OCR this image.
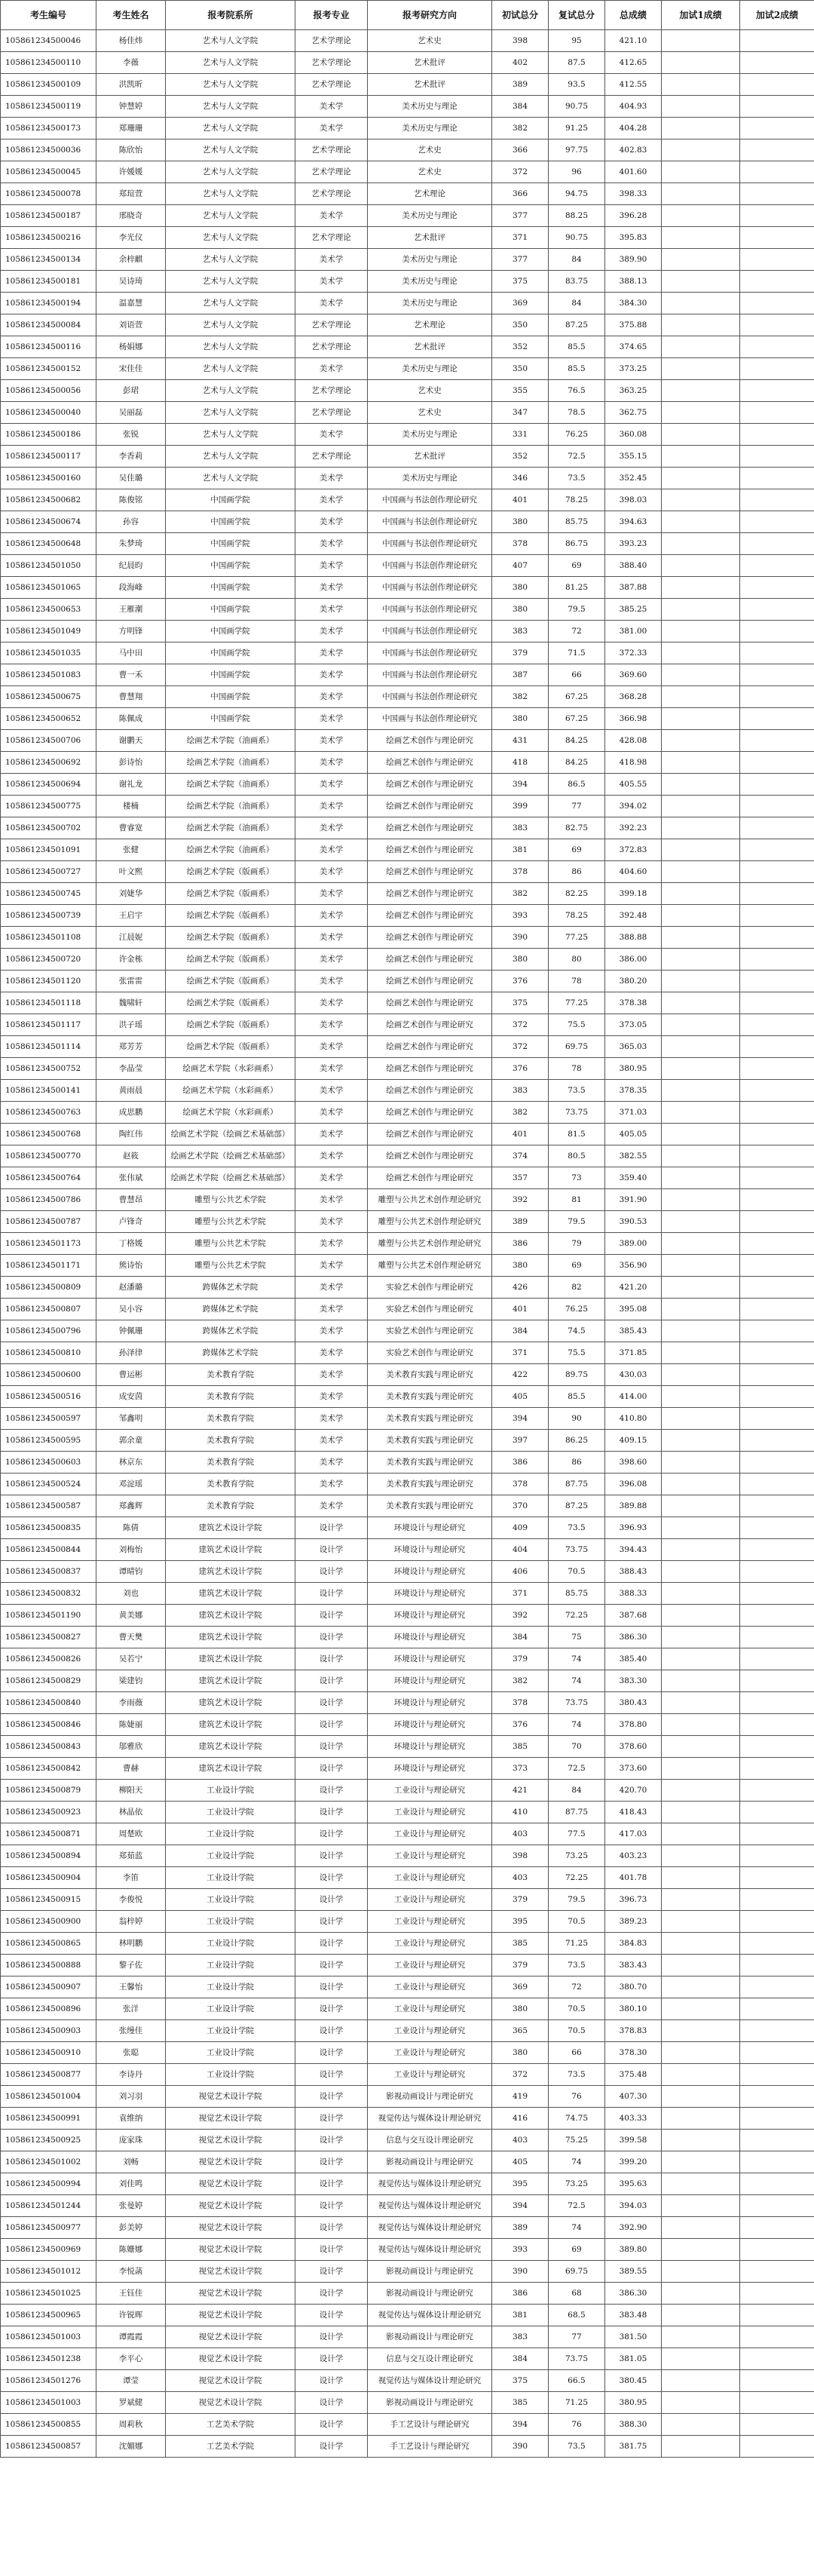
考生编号	考生姓名	报考院系所	报考专业	报考研究方向	初试总分	复试总分	总成绩	加试1成绩	加试2成绩
105861234500046	杨佳炜	艺术与人文学院	艺术学理论	艺术史	398	95	421.10		
105861234500110	李薇	艺术与人文学院	艺术学理论	艺术批评	402	87.5	412.65		
105861234500109	洪凯昕	艺术与人文学院	艺术学理论	艺术批评	389	93.5	412.55		
105861234500119	钟慧婷	艺术与人文学院	美术学	美术历史与理论	384	90.75	404.93		
105861234500173	郑珊珊	艺术与人文学院	美术学	美术历史与理论	382	91.25	404.28		
105861234500036	陈欣怡	艺术与人文学院	艺术学理论	艺术史	366	97.75	402.83		
105861234500045	许媛媛	艺术与人文学院	艺术学理论	艺术史	372	96	401.60		
105861234500078	郑瑄萱	艺术与人文学院	艺术学理论	艺术理论	366	94.75	398.33		
105861234500187	邢晓奇	艺术与人文学院	美术学	美术历史与理论	377	88.25	396.28		
105861234500216	李光仪	艺术与人文学院	艺术学理论	艺术批评	371	90.75	395.83		
105861234500134	余梓麒	艺术与人文学院	美术学	美术历史与理论	377	84	389.90		
105861234500181	吴诗琦	艺术与人文学院	美术学	美术历史与理论	375	83.75	388.13		
105861234500194	温嘉慧	艺术与人文学院	美术学	美术历史与理论	369	84	384.30		
105861234500084	刘语萱	艺术与人文学院	艺术学理论	艺术理论	350	87.25	375.88		
105861234500116	杨娟娜	艺术与人文学院	艺术学理论	艺术批评	352	85.5	374.65		
105861234500152	宋佳佳	艺术与人文学院	美术学	美术历史与理论	350	85.5	373.25		
105861234500056	彭珺	艺术与人文学院	艺术学理论	艺术史	355	76.5	363.25		
105861234500040	吴丽磊	艺术与人文学院	艺术学理论	艺术史	347	78.5	362.75		
105861234500186	张锐	艺术与人文学院	美术学	美术历史与理论	331	76.25	360.08		
105861234500117	李香莉	艺术与人文学院	艺术学理论	艺术批评	352	72.5	355.15		
105861234500160	吴佳璐	艺术与人文学院	美术学	美术历史与理论	346	73.5	352.45		
105861234500682	陈俊铭	中国画学院	美术学	中国画与书法创作理论研究	401	78.25	398.03		
105861234500674	孙容	中国画学院	美术学	中国画与书法创作理论研究	380	85.75	394.63		
105861234500648	朱梦琦	中国画学院	美术学	中国画与书法创作理论研究	378	86.75	393.23		
105861234501050	纪晨昀	中国画学院	美术学	中国画与书法创作理论研究	407	69	388.40		
105861234501065	段海峰	中国画学院	美术学	中国画与书法创作理论研究	380	81.25	387.88		
105861234500653	王雁潮	中国画学院	美术学	中国画与书法创作理论研究	380	79.5	385.25		
105861234501049	方明锋	中国画学院	美术学	中国画与书法创作理论研究	383	72	381.00		
105861234501035	马中田	中国画学院	美术学	中国画与书法创作理论研究	379	71.5	372.33		
105861234501083	曹一禾	中国画学院	美术学	中国画与书法创作理论研究	387	66	369.60		
105861234500675	曹慧翔	中国画学院	美术学	中国画与书法创作理论研究	382	67.25	368.28		
105861234500652	陈佩成	中国画学院	美术学	中国画与书法创作理论研究	380	67.25	366.98		
105861234500706	谢鹏天	绘画艺术学院（油画系）	美术学	绘画艺术创作与理论研究	431	84.25	428.08		
105861234500692	彭诗怡	绘画艺术学院（油画系）	美术学	绘画艺术创作与理论研究	418	84.25	418.98		
105861234500694	谢礼龙	绘画艺术学院（油画系）	美术学	绘画艺术创作与理论研究	394	86.5	405.55		
105861234500775	楼楠	绘画艺术学院（油画系）	美术学	绘画艺术创作与理论研究	399	77	394.02		
105861234500702	曹睿宽	绘画艺术学院（油画系）	美术学	绘画艺术创作与理论研究	383	82.75	392.23		
105861234501091	张健	绘画艺术学院（油画系）	美术学	绘画艺术创作与理论研究	381	69	372.83		
105861234500727	叶文熙	绘画艺术学院（版画系）	美术学	绘画艺术创作与理论研究	378	86	404.60		
105861234500745	刘婕华	绘画艺术学院（版画系）	美术学	绘画艺术创作与理论研究	382	82.25	399.18		
105861234500739	王启宇	绘画艺术学院（版画系）	美术学	绘画艺术创作与理论研究	393	78.25	392.48		
105861234501108	江晨妮	绘画艺术学院（版画系）	美术学	绘画艺术创作与理论研究	390	77.25	388.88		
105861234500720	许金栋	绘画艺术学院（版画系）	美术学	绘画艺术创作与理论研究	380	80	386.00		
105861234501120	张雷雷	绘画艺术学院（版画系）	美术学	绘画艺术创作与理论研究	376	78	380.20		
105861234501118	魏啸轩	绘画艺术学院（版画系）	美术学	绘画艺术创作与理论研究	375	77.25	378.38		
105861234501117	洪子瑶	绘画艺术学院（版画系）	美术学	绘画艺术创作与理论研究	372	75.5	373.05		
105861234501114	郑芳芳	绘画艺术学院（版画系）	美术学	绘画艺术创作与理论研究	372	69.75	365.03		
105861234500752	李晶莹	绘画艺术学院（水彩画系）	美术学	绘画艺术创作与理论研究	376	78	380.95		
105861234500141	黄雨晨	绘画艺术学院（水彩画系）	美术学	绘画艺术创作与理论研究	383	73.5	378.35		
105861234500763	成思鹏	绘画艺术学院（水彩画系）	美术学	绘画艺术创作与理论研究	382	73.75	371.03		
105861234500768	陶红伟	绘画艺术学院（绘画艺术基础部）	美术学	绘画艺术创作与理论研究	401	81.5	405.05		
105861234500770	赵筱	绘画艺术学院（绘画艺术基础部）	美术学	绘画艺术创作与理论研究	374	80.5	382.55		
105861234500764	张伟斌	绘画艺术学院（绘画艺术基础部）	美术学	绘画艺术创作与理论研究	357	73	359.40		
105861234500786	曹慧昂	雕塑与公共艺术学院	美术学	雕塑与公共艺术创作理论研究	392	81	391.90		
105861234500787	卢锋奇	雕塑与公共艺术学院	美术学	雕塑与公共艺术创作理论研究	389	79.5	390.53		
105861234501173	丁格媛	雕塑与公共艺术学院	美术学	雕塑与公共艺术创作理论研究	386	79	389.00		
105861234501171	熊诗怡	雕塑与公共艺术学院	美术学	雕塑与公共艺术创作理论研究	380	69	356.90		
105861234500809	赵潘璐	跨媒体艺术学院	美术学	实验艺术创作与理论研究	426	82	421.20		
105861234500807	吴小容	跨媒体艺术学院	美术学	实验艺术创作与理论研究	401	76.25	395.08		
105861234500796	钟佩珊	跨媒体艺术学院	美术学	实验艺术创作与理论研究	384	74.5	385.43		
105861234500810	孙泽律	跨媒体艺术学院	美术学	实验艺术创作与理论研究	371	75.5	371.85		
105861234500600	曹运彬	美术教育学院	美术学	美术教育实践与理论研究	422	89.75	430.03		
105861234500516	成安茵	美术教育学院	美术学	美术教育实践与理论研究	405	85.5	414.00		
105861234500597	邹鑫明	美术教育学院	美术学	美术教育实践与理论研究	394	90	410.80		
105861234500595	郭余童	美术教育学院	美术学	美术教育实践与理论研究	397	86.25	409.15		
105861234500603	林京东	美术教育学院	美术学	美术教育实践与理论研究	386	86	398.60		
105861234500524	邓淀瑶	美术教育学院	美术学	美术教育实践与理论研究	378	87.75	396.08		
105861234500587	郑鑫辉	美术教育学院	美术学	美术教育实践与理论研究	370	87.25	389.88		
105861234500835	陈倩	建筑艺术设计学院	设计学	环境设计与理论研究	409	73.5	396.93		
105861234500844	刘梅怡	建筑艺术设计学院	设计学	环境设计与理论研究	404	73.75	394.43		
105861234500837	谭晴钧	建筑艺术设计学院	设计学	环境设计与理论研究	406	70.5	388.43		
105861234500832	刘也	建筑艺术设计学院	设计学	环境设计与理论研究	371	85.75	388.33		
105861234501190	黄美娜	建筑艺术设计学院	设计学	环境设计与理论研究	392	72.25	387.68		
105861234500827	曹天樊	建筑艺术设计学院	设计学	环境设计与理论研究	384	75	386.30		
105861234500826	吴若宁	建筑艺术设计学院	设计学	环境设计与理论研究	379	74	385.40		
105861234500829	梁建钧	建筑艺术设计学院	设计学	环境设计与理论研究	382	74	383.30		
105861234500840	李雨薇	建筑艺术设计学院	设计学	环境设计与理论研究	378	73.75	380.43		
105861234500846	陈婕丽	建筑艺术设计学院	设计学	环境设计与理论研究	376	74	378.80		
105861234500843	邬雅欣	建筑艺术设计学院	设计学	环境设计与理论研究	385	70	378.60		
105861234500842	曹赫	建筑艺术设计学院	设计学	环境设计与理论研究	373	72.5	373.60		
105861234500879	柳阳天	工业设计学院	设计学	工业设计与理论研究	421	84	420.70		
105861234500923	林晶依	工业设计学院	设计学	工业设计与理论研究	410	87.75	418.43		
105861234500871	周楚欧	工业设计学院	设计学	工业设计与理论研究	403	77.5	417.03		
105861234500894	郑茹蓝	工业设计学院	设计学	工业设计与理论研究	398	73.25	403.23		
105861234500904	李笛	工业设计学院	设计学	工业设计与理论研究	403	72.25	401.78		
105861234500915	李俊悦	工业设计学院	设计学	工业设计与理论研究	379	79.5	396.73		
105861234500900	翁梓婷	工业设计学院	设计学	工业设计与理论研究	395	70.5	389.23		
105861234500865	林明鹏	工业设计学院	设计学	工业设计与理论研究	385	71.25	384.83		
105861234500888	黎子佐	工业设计学院	设计学	工业设计与理论研究	379	73.5	383.43		
105861234500907	王馨怡	工业设计学院	设计学	工业设计与理论研究	369	72	380.70		
105861234500896	张洋	工业设计学院	设计学	工业设计与理论研究	380	70.5	380.10		
105861234500903	张缦佳	工业设计学院	设计学	工业设计与理论研究	365	70.5	378.83		
105861234500910	张聪	工业设计学院	设计学	工业设计与理论研究	380	66	378.30		
105861234500877	李诗丹	工业设计学院	设计学	工业设计与理论研究	372	73.5	375.48		
105861234501004	刘习羽	视觉艺术设计学院	设计学	影视动画设计与理论研究	419	76	407.30		
105861234500991	袁维纳	视觉艺术设计学院	设计学	视觉传达与媒体设计理论研究	416	74.75	403.33		
105861234500925	庞家珠	视觉艺术设计学院	设计学	信息与交互设计理论研究	403	75.25	399.58		
105861234501002	刘畅	视觉艺术设计学院	设计学	影视动画设计与理论研究	405	74	399.20		
105861234500994	刘佳鸣	视觉艺术设计学院	设计学	视觉传达与媒体设计理论研究	395	73.25	395.63		
105861234501244	张曼婷	视觉艺术设计学院	设计学	视觉传达与媒体设计理论研究	394	72.5	394.03		
105861234500977	彭美婷	视觉艺术设计学院	设计学	视觉传达与媒体设计理论研究	389	74	392.90		
105861234500969	陈姗娜	视觉艺术设计学院	设计学	视觉传达与媒体设计理论研究	393	69	389.80		
105861234501012	李悦菡	视觉艺术设计学院	设计学	影视动画设计与理论研究	390	69.75	389.55		
105861234501025	王钰佳	视觉艺术设计学院	设计学	影视动画设计与理论研究	386	68	386.30		
105861234500965	许锐晖	视觉艺术设计学院	设计学	视觉传达与媒体设计理论研究	381	68.5	383.48		
105861234501003	谭霞霞	视觉艺术设计学院	设计学	影视动画设计与理论研究	383	77	381.50		
105861234501238	李平心	视觉艺术设计学院	设计学	信息与交互设计理论研究	384	73.75	381.05		
105861234501276	谭莹	视觉艺术设计学院	设计学	视觉传达与媒体设计理论研究	375	66.5	380.45		
105861234501003	罗斌健	视觉艺术设计学院	设计学	影视动画设计与理论研究	385	71.25	380.95		
105861234500855	周莉秋	工艺美术学院	设计学	手工艺设计与理论研究	394	76	388.30		
105861234500857	沈媚娜	工艺美术学院	设计学	手工艺设计与理论研究	390	73.5	381.75		
